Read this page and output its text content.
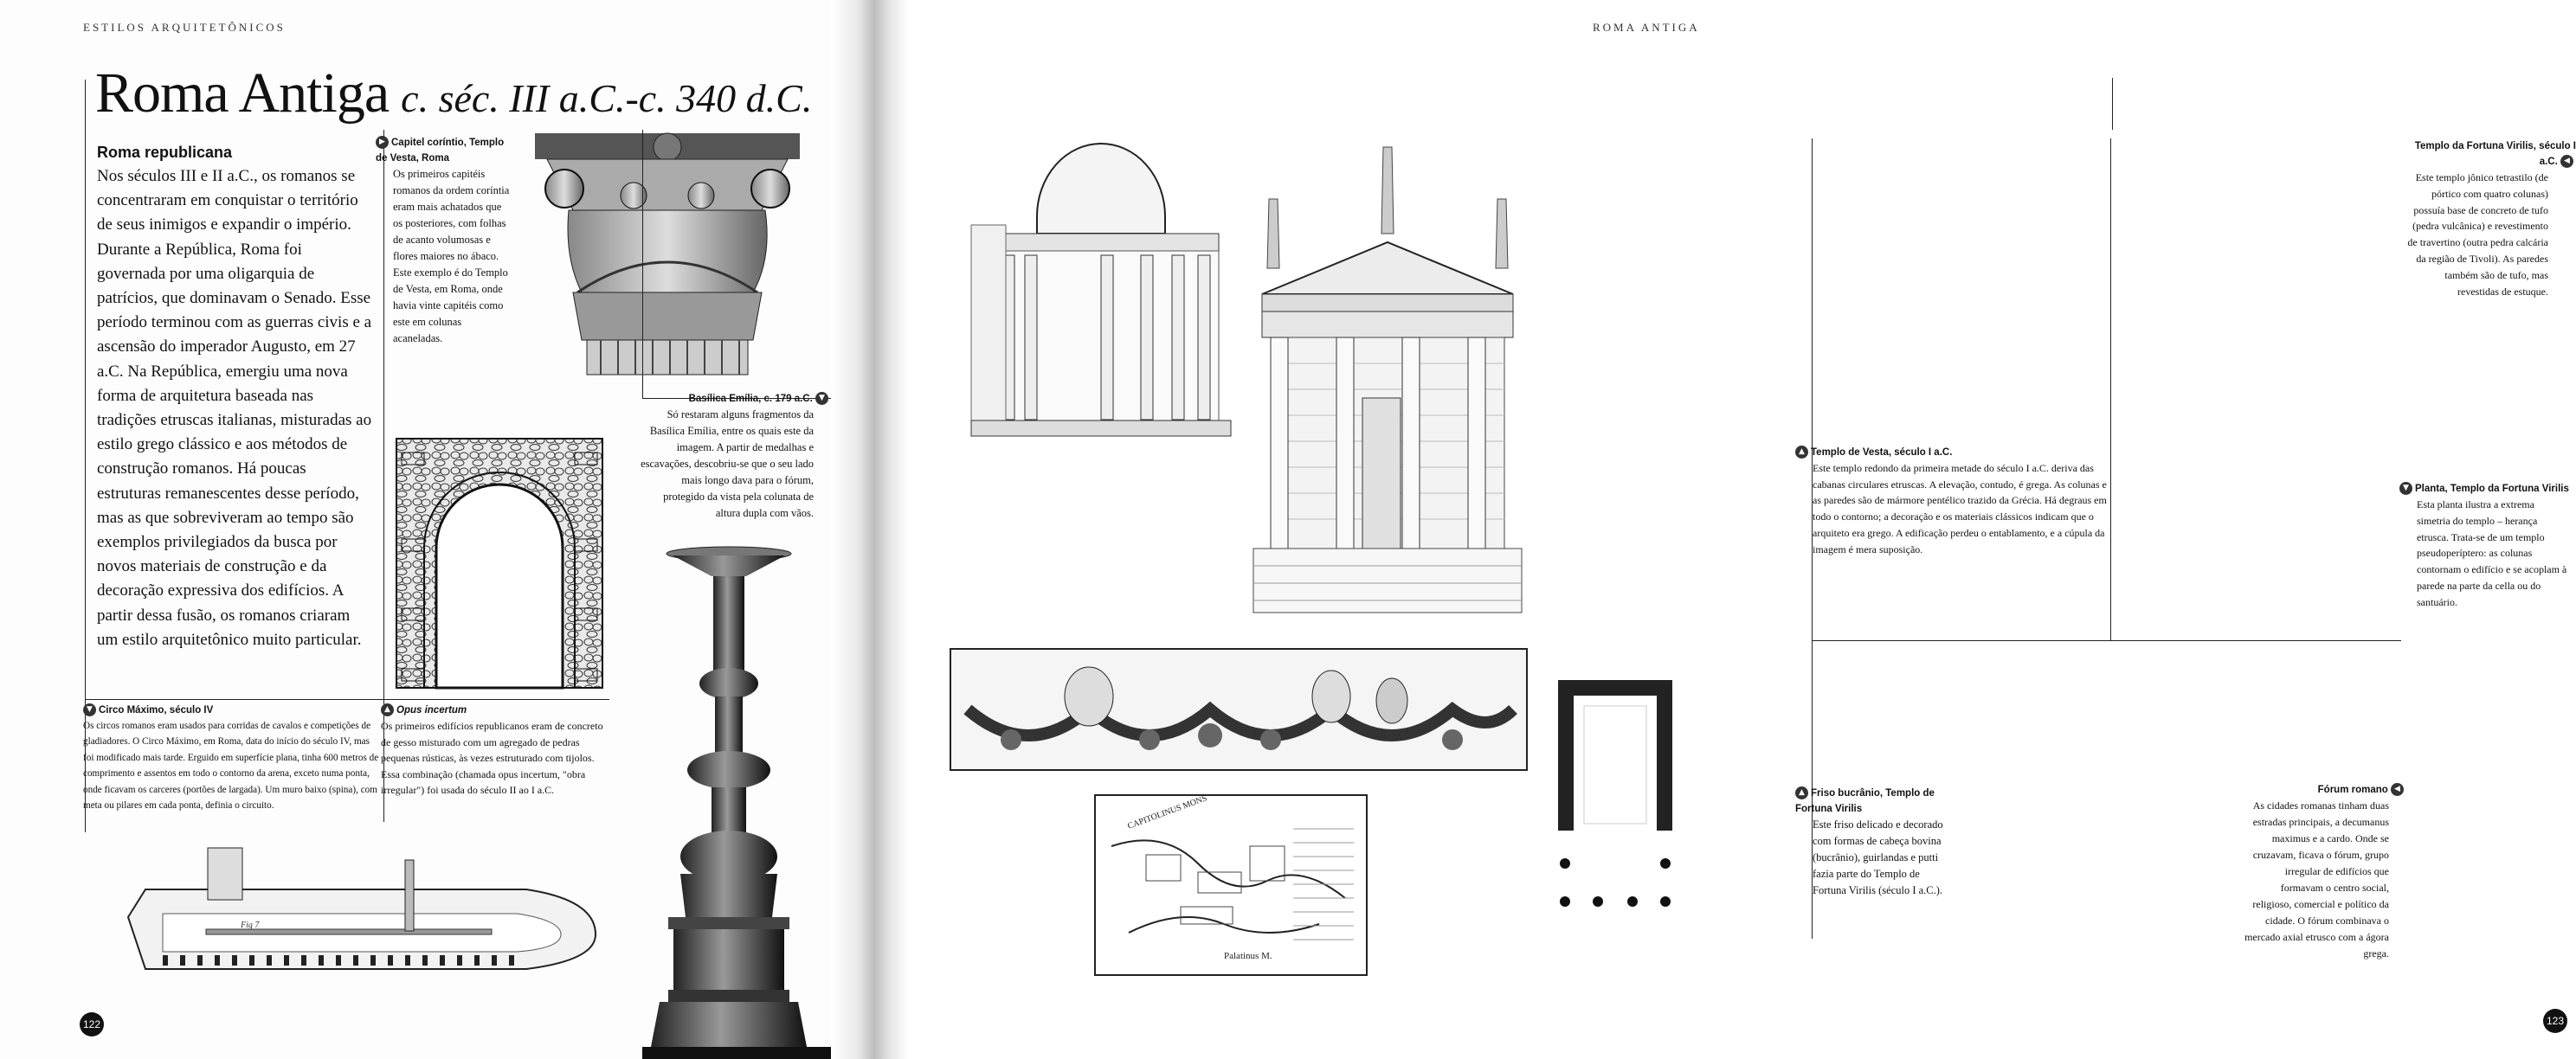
ESTILOS ARQUITETÔNICOS
Roma Antiga c. séc. III a.C.-c. 340 d.C.
Roma republicana
Nos séculos III e II a.C., os romanos se concentraram em conquistar o território de seus inimigos e expandir o império. Durante a República, Roma foi governada por uma oligarquia de patrícios, que dominavam o Senado. Esse período terminou com as guerras civis e a ascensão do imperador Augusto, em 27 a.C. Na República, emergiu uma nova forma de arquitetura baseada nas tradições etruscas italianas, misturadas ao estilo grego clássico e aos métodos de construção romanos. Há poucas estruturas remanescentes desse período, mas as que sobreviveram ao tempo são exemplos privilegiados da busca por novos materiais de construção e da decoração expressiva dos edifícios. A partir dessa fusão, os romanos criaram um estilo arquitetônico muito particular.
▶ Capitel coríntio, Templo de Vesta, Roma
Os primeiros capitéis romanos da ordem coríntia eram mais achatados que os posteriores, com folhas de acanto volumosas e flores maiores no ábaco. Este exemplo é do Templo de Vesta, em Roma, onde havia vinte capitéis como este em colunas acaneladas.
Basílica Emília, c. 179 a.C. ▼
Só restaram alguns fragmentos da Basílica Emília, entre os quais este da imagem. A partir de medalhas e escavações, descobriu-se que o seu lado mais longo dava para o fórum, protegido da vista pela colunata de altura dupla com vãos.
▼ Circo Máximo, século IV
Os circos romanos eram usados para corridas de cavalos e competições de gladiadores. O Circo Máximo, em Roma, data do início do século IV, mas foi modificado mais tarde. Erguido em superfície plana, tinha 600 metros de comprimento e assentos em todo o contorno da arena, exceto numa ponta, onde ficavam os carceres (portões de largada). Um muro baixo (spina), com meta ou pilares em cada ponta, definia o circuito.
▲ Opus incertum
Os primeiros edifícios republicanos eram de concreto de gesso misturado com um agregado de pedras pequenas rústicas, às vezes estruturado com tijolos. Essa combinação (chamada opus incertum, "obra irregular") foi usada do século II ao I a.C.
Fig 7
122
ROMA ANTIGA
▲ Templo de Vesta, século I a.C.
Este templo redondo da primeira metade do século I a.C. deriva das cabanas circulares etruscas. A elevação, contudo, é grega. As colunas e as paredes são de mármore pentélico trazido da Grécia. Há degraus em todo o contorno; a decoração e os materiais clássicos indicam que o arquiteto era grego. A edificação perdeu o entablamento, e a cúpula da imagem é mera suposição.
Templo da Fortuna Virilis, século I a.C. ◀
Este templo jônico tetrastilo (de pórtico com quatro colunas) possuía base de concreto de tufo (pedra vulcânica) e revestimento de travertino (outra pedra calcária da região de Tivoli). As paredes também são de tufo, mas revestidas de estuque.
▼ Planta, Templo da Fortuna Virilis
Esta planta ilustra a extrema simetria do templo – herança etrusca. Trata-se de um templo pseudoperíptero: as colunas contornam o edifício e se acoplam à parede na parte da cella ou do santuário.
▲ Friso bucrânio, Templo de Fortuna Virilis
Este friso delicado e decorado com formas de cabeça bovina (bucrânio), guirlandas e putti fazia parte do Templo de Fortuna Virilis (século I a.C.).
CAPITOLINUS MONS
Palatinus M.
Fórum romano ◀
As cidades romanas tinham duas estradas principais, a decumanus maximus e a cardo. Onde se cruzavam, ficava o fórum, grupo irregular de edifícios que formavam o centro social, religioso, comercial e político da cidade. O fórum combinava o mercado axial etrusco com a ágora grega.
123
